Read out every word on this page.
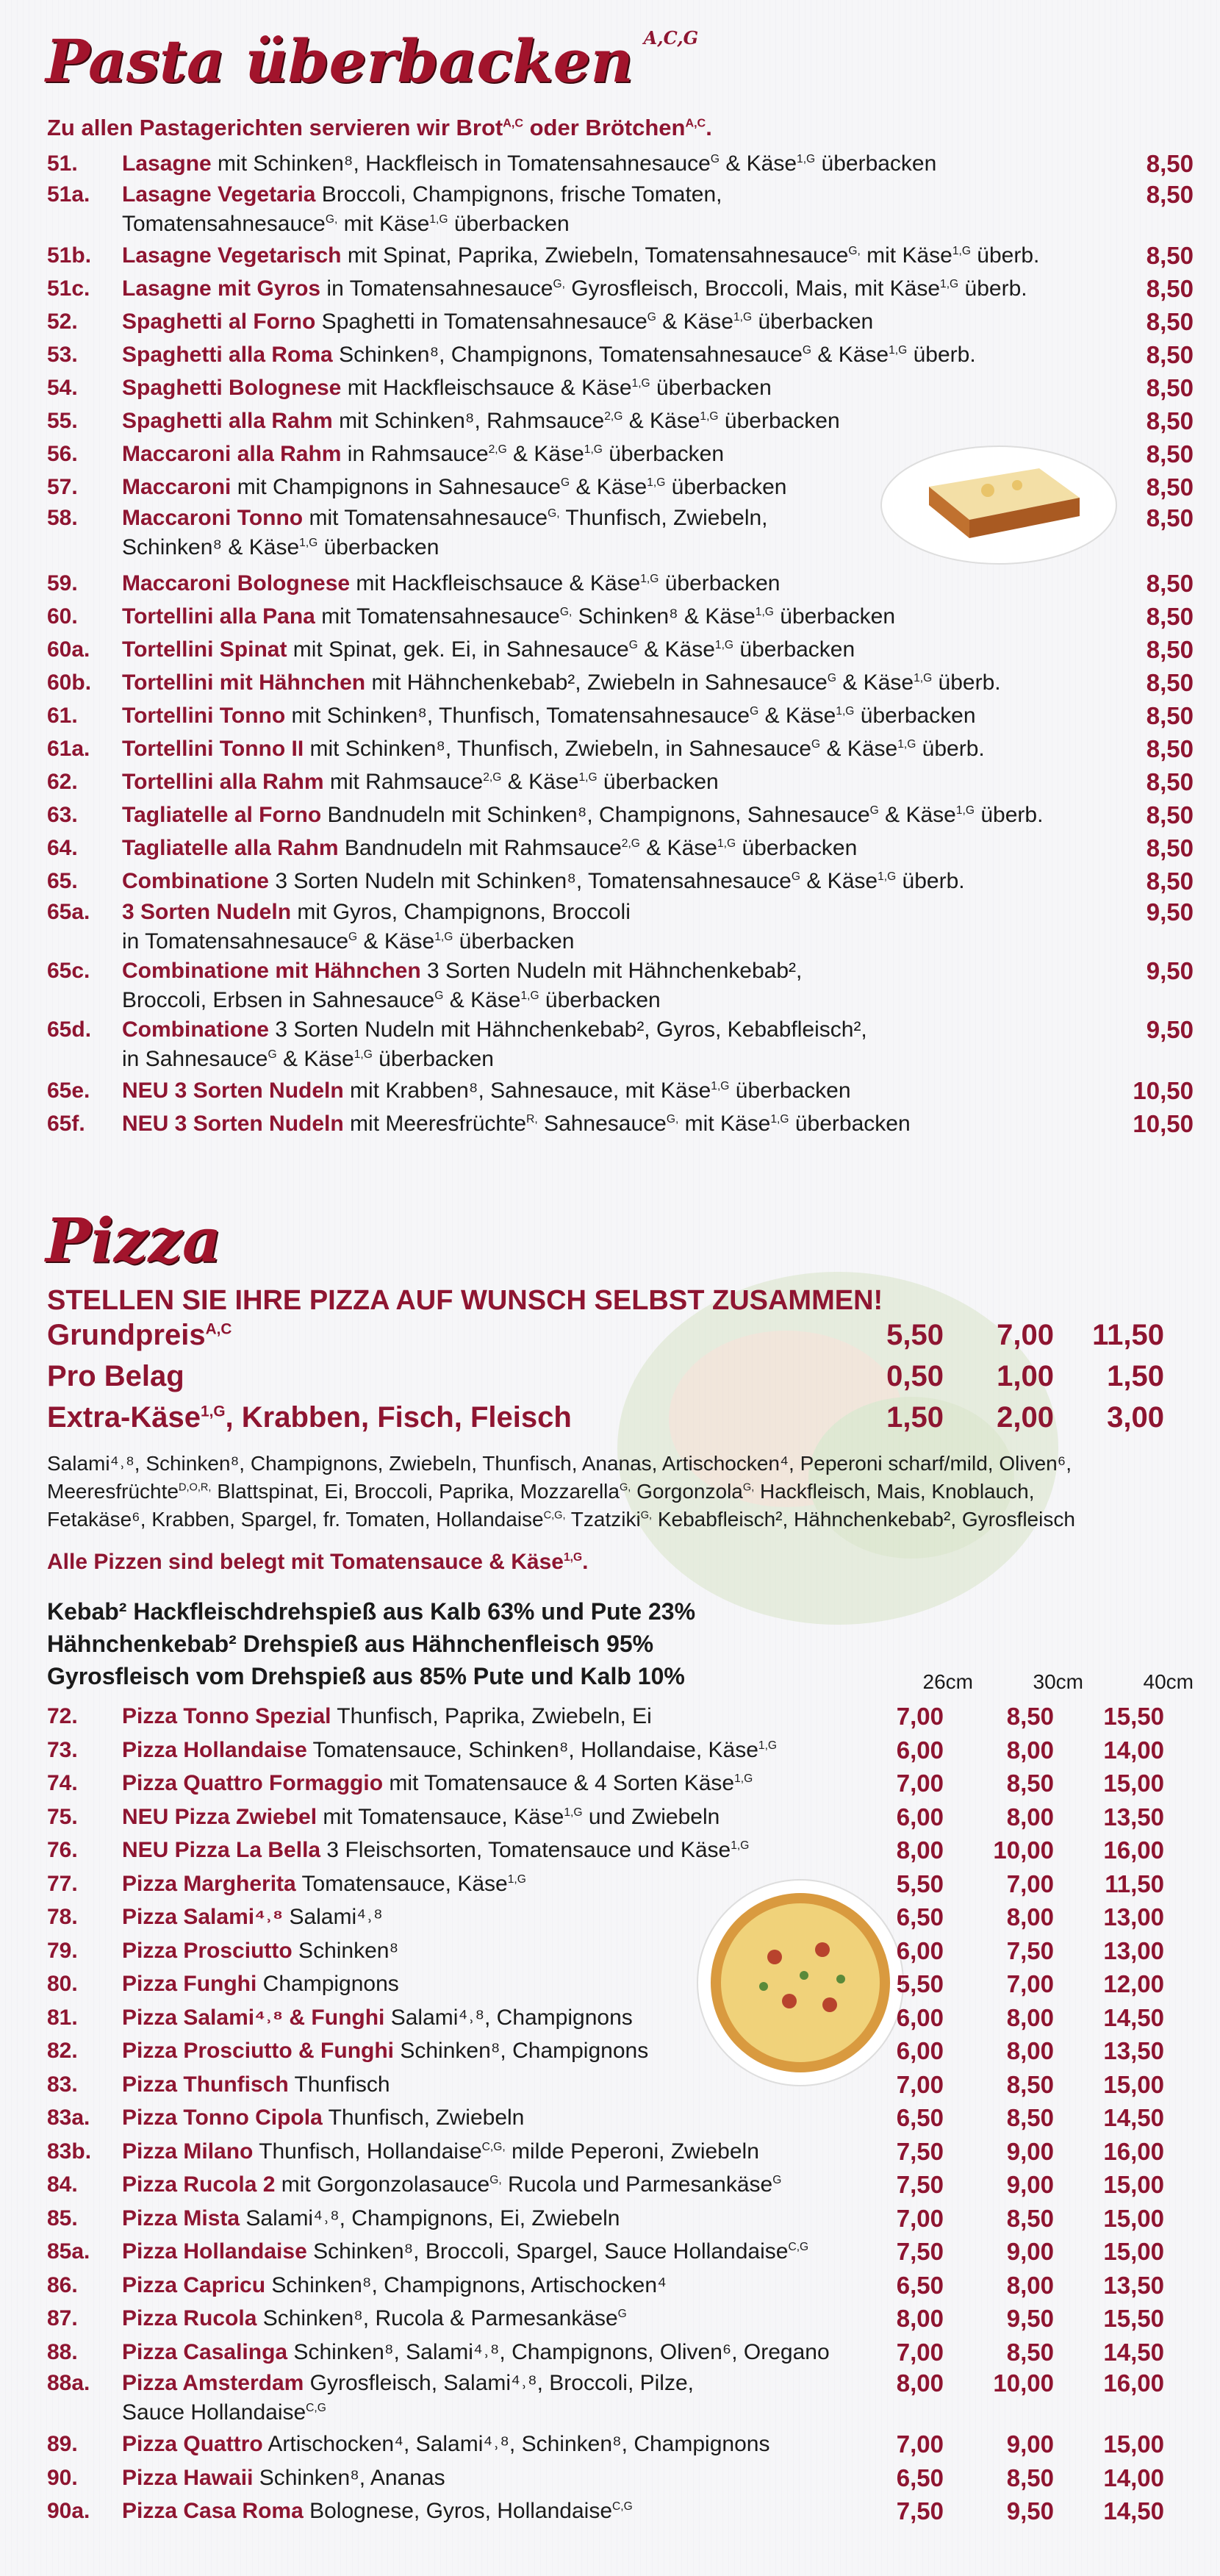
Pasta überbacken $^{A,C,G}$
Zu allen Pastagerichten servieren wir Brot$^{A,C}$ oder Brötchen$^{A,C}$.
51.	Lasagne mit Schinken⁸, Hackfleisch in Tomatensahnesauce$^G$ & Käse$^{1,G}$ überbacken	8,50
51a.	Lasagne Vegetaria Broccoli, Champignons, frische Tomaten,
Tomatensahnesauce$^{G,}$ mit Käse$^{1,G}$ überbacken
8,50
51b.	Lasagne Vegetarisch mit Spinat, Paprika, Zwiebeln, Tomatensahnesauce$^{G,}$ mit Käse$^{1,G}$ überb.	8,50
51c.	Lasagne mit Gyros in Tomatensahnesauce$^{G,}$ Gyrosfleisch, Broccoli, Mais, mit Käse$^{1,G}$ überb.	8,50
52.	Spaghetti al Forno Spaghetti in Tomatensahnesauce$^G$ & Käse$^{1,G}$ überbacken	8,50
53.	Spaghetti alla Roma Schinken⁸, Champignons, Tomatensahnesauce$^G$ & Käse$^{1,G}$ überb.	8,50
54.	Spaghetti Bolognese mit Hackfleischsauce & Käse$^{1,G}$ überbacken	8,50
55.	Spaghetti alla Rahm mit Schinken⁸, Rahmsauce$^{2,G}$ & Käse$^{1,G}$ überbacken	8,50
56.	Maccaroni alla Rahm in Rahmsauce$^{2,G}$ & Käse$^{1,G}$ überbacken	8,50
57.	Maccaroni mit Champignons in Sahnesauce$^G$ & Käse$^{1,G}$ überbacken	8,50
58.	Maccaroni Tonno mit Tomatensahnesauce$^{G,}$ Thunfisch, Zwiebeln,
Schinken⁸ & Käse$^{1,G}$ überbacken
8,50
59.	Maccaroni Bolognese mit Hackfleischsauce & Käse$^{1,G}$ überbacken	8,50
60.	Tortellini alla Pana mit Tomatensahnesauce$^{G,}$ Schinken⁸ & Käse$^{1,G}$ überbacken	8,50
60a.	Tortellini Spinat mit Spinat, gek. Ei, in Sahnesauce$^G$ & Käse$^{1,G}$ überbacken	8,50
60b.	Tortellini mit Hähnchen mit Hähnchenkebab², Zwiebeln in Sahnesauce$^G$ & Käse$^{1,G}$ überb.	8,50
61.	Tortellini Tonno mit Schinken⁸, Thunfisch, Tomatensahnesauce$^G$ & Käse$^{1,G}$ überbacken	8,50
61a.	Tortellini Tonno II mit Schinken⁸, Thunfisch, Zwiebeln, in Sahnesauce$^G$ & Käse$^{1,G}$ überb.	8,50
62.	Tortellini alla Rahm mit Rahmsauce$^{2,G}$ & Käse$^{1,G}$ überbacken	8,50
63.	Tagliatelle al Forno Bandnudeln mit Schinken⁸, Champignons, Sahnesauce$^G$ & Käse$^{1,G}$ überb.	8,50
64.	Tagliatelle alla Rahm Bandnudeln mit Rahmsauce$^{2,G}$ & Käse$^{1,G}$ überbacken	8,50
65.	Combinatione 3 Sorten Nudeln mit Schinken⁸, Tomatensahnesauce$^G$ & Käse$^{1,G}$ überb.	8,50
65a.	3 Sorten Nudeln mit Gyros, Champignons, Broccoli
in Tomatensahnesauce$^G$ & Käse$^{1,G}$ überbacken
9,50
65c.	Combinatione mit Hähnchen 3 Sorten Nudeln mit Hähnchenkebab²,
Broccoli, Erbsen in Sahnesauce$^G$ & Käse$^{1,G}$ überbacken
9,50
65d.	Combinatione 3 Sorten Nudeln mit Hähnchenkebab², Gyros, Kebabfleisch²,
in Sahnesauce$^G$ & Käse$^{1,G}$ überbacken
9,50
65e.	NEU 3 Sorten Nudeln mit Krabben⁸, Sahnesauce, mit Käse$^{1,G}$ überbacken	10,50
65f.	NEU 3 Sorten Nudeln mit Meeresfrüchte$^{R,}$ Sahnesauce$^{G,}$ mit Käse$^{1,G}$ überbacken	10,50
Pizza
STELLEN SIE IHRE PIZZA AUF WUNSCH SELBST ZUSAMMEN!
Grundpreis$^{A,C}$	5,50	7,00	11,50
Pro Belag	0,50	1,00	1,50
Extra-Käse$^{1,G}$, Krabben, Fisch, Fleisch	1,50	2,00	3,00
Salami⁴˒⁸, Schinken⁸, Champignons, Zwiebeln, Thunfisch, Ananas, Artischocken⁴, Peperoni scharf/mild, Oliven⁶,
Meeresfrüchte$^{D,O,R,}$ Blattspinat, Ei, Broccoli, Paprika, Mozzarella$^{G,}$ Gorgonzola$^{G,}$ Hackfleisch, Mais, Knoblauch,
Fetakäse⁶, Krabben, Spargel, fr. Tomaten, Hollandaise$^{C,G,}$ Tzatziki$^{G,}$ Kebabfleisch², Hähnchenkebab², Gyrosfleisch
Alle Pizzen sind belegt mit Tomatensauce & Käse$^{1,G}$.
Kebab² Hackfleischdrehspieß aus Kalb 63% und Pute 23%
Hähnchenkebab² Drehspieß aus Hähnchenfleisch 95%
Gyrosfleisch vom Drehspieß aus 85% Pute und Kalb 10%	26cm	30cm	40cm
72.	Pizza Tonno Spezial Thunfisch, Paprika, Zwiebeln, Ei	7,00	8,50	15,50
73.	Pizza Hollandaise Tomatensauce, Schinken⁸, Hollandaise, Käse$^{1,G}$	6,00	8,00	14,00
74.	Pizza Quattro Formaggio mit Tomatensauce & 4 Sorten Käse$^{1,G}$	7,00	8,50	15,00
75.	NEU Pizza Zwiebel mit Tomatensauce, Käse$^{1,G}$ und Zwiebeln	6,00	8,00	13,50
76.	NEU Pizza La Bella 3 Fleischsorten, Tomatensauce und Käse$^{1,G}$	8,00	10,00	16,00
77.	Pizza Margherita Tomatensauce, Käse$^{1,G}$	5,50	7,00	11,50
78.	Pizza Salami⁴˒⁸ Salami⁴˒⁸	6,50	8,00	13,00
79.	Pizza Prosciutto Schinken⁸	6,00	7,50	13,00
80.	Pizza Funghi Champignons	5,50	7,00	12,00
81.	Pizza Salami⁴˒⁸ & Funghi Salami⁴˒⁸, Champignons	6,00	8,00	14,50
82.	Pizza Prosciutto & Funghi Schinken⁸, Champignons	6,00	8,00	13,50
83.	Pizza Thunfisch Thunfisch	7,00	8,50	15,00
83a.	Pizza Tonno Cipola Thunfisch, Zwiebeln	6,50	8,50	14,50
83b.	Pizza Milano Thunfisch, Hollandaise$^{C,G,}$ milde Peperoni, Zwiebeln	7,50	9,00	16,00
84.	Pizza Rucola 2 mit Gorgonzolasauce$^{G,}$ Rucola und Parmesankäse$^G$	7,50	9,00	15,00
85.	Pizza Mista Salami⁴˒⁸, Champignons, Ei, Zwiebeln	7,00	8,50	15,00
85a.	Pizza Hollandaise Schinken⁸, Broccoli, Spargel, Sauce Hollandaise$^{C,G}$	7,50	9,00	15,00
86.	Pizza Capricu Schinken⁸, Champignons, Artischocken⁴	6,50	8,00	13,50
87.	Pizza Rucola Schinken⁸, Rucola & Parmesankäse$^G$	8,00	9,50	15,50
88.	Pizza Casalinga Schinken⁸, Salami⁴˒⁸, Champignons, Oliven⁶, Oregano	7,00	8,50	14,50
88a.	Pizza Amsterdam Gyrosfleisch, Salami⁴˒⁸, Broccoli, Pilze,
Sauce Hollandaise$^{C,G}$
8,00	10,00	16,00
89.	Pizza Quattro Artischocken⁴, Salami⁴˒⁸, Schinken⁸, Champignons	7,00	9,00	15,00
90.	Pizza Hawaii Schinken⁸, Ananas	6,50	8,50	14,00
90a.	Pizza Casa Roma Bolognese, Gyros, Hollandaise$^{C,G}$	7,50	9,50	14,50
